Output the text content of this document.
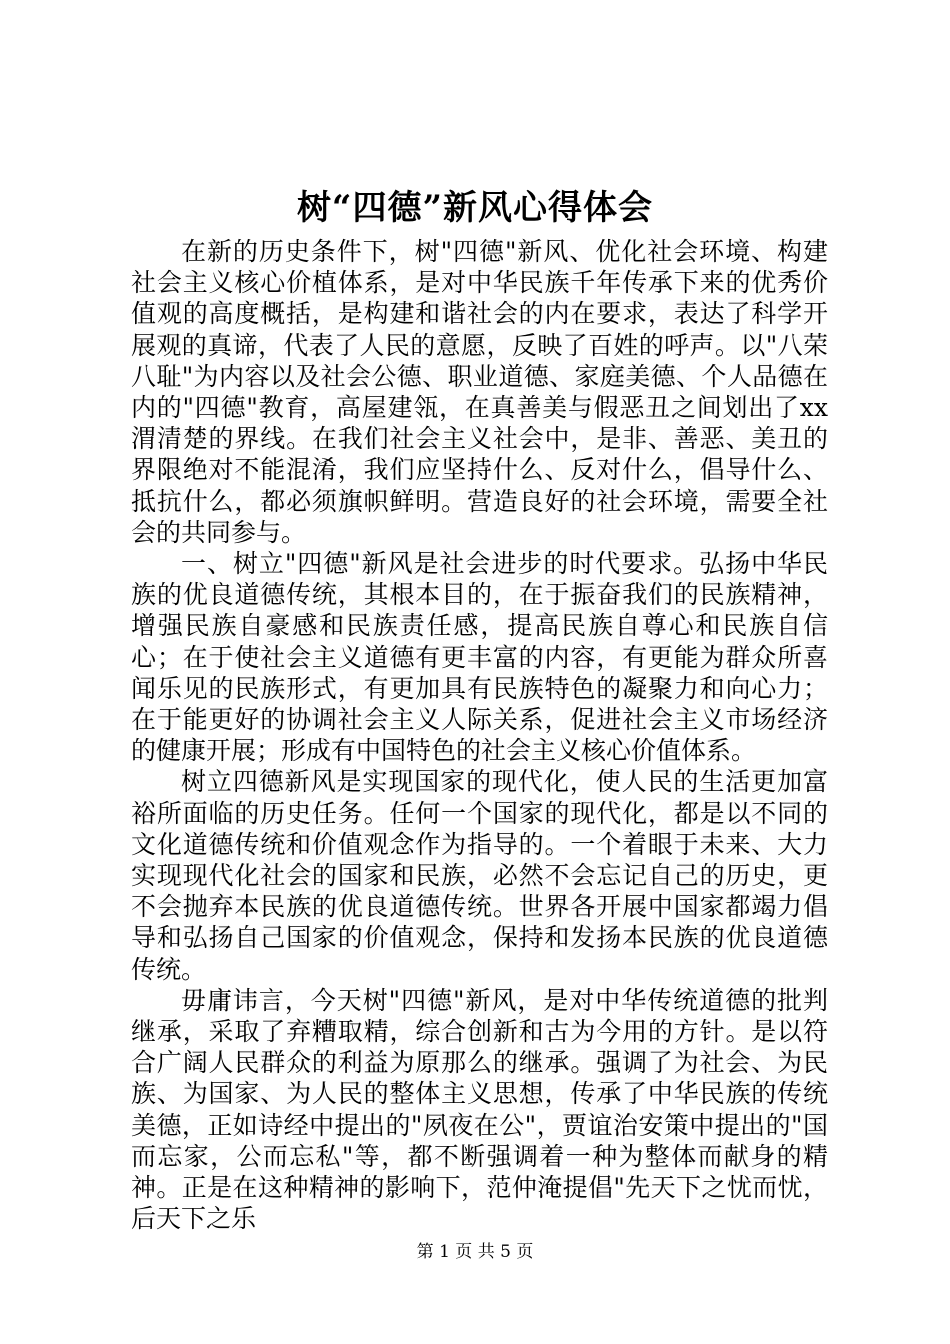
树“四德”新风心得体会

在新的历史条件下，树"四德"新风、优化社会环境、构建社会主义核心价植体系，是对中华民族千年传承下来的优秀价值观的高度概括，是构建和谐社会的内在要求，表达了科学开展观的真谛，代表了人民的意愿，反映了百姓的呼声。以"八荣八耻"为内容以及社会公德、职业道德、家庭美德、个人品德在内的"四德"教育，高屋建瓴，在真善美与假恶丑之间划出了xx渭清楚的界线。在我们社会主义社会中，是非、善恶、美丑的界限绝对不能混淆，我们应坚持什么、反对什么，倡导什么、抵抗什么，都必须旗帜鲜明。营造良好的社会环境，需要全社会的共同参与。

一、树立"四德"新风是社会进步的时代要求。弘扬中华民族的优良道德传统，其根本目的，在于振奋我们的民族精神，增强民族自豪感和民族责任感，提高民族自尊心和民族自信心；在于使社会主义道德有更丰富的内容，有更能为群众所喜闻乐见的民族形式，有更加具有民族特色的凝聚力和向心力；在于能更好的协调社会主义人际关系，促进社会主义市场经济的健康开展；形成有中国特色的社会主义核心价值体系。

树立四德新风是实现国家的现代化，使人民的生活更加富裕所面临的历史任务。任何一个国家的现代化，都是以不同的文化道德传统和价值观念作为指导的。一个着眼于未来、大力实现现代化社会的国家和民族，必然不会忘记自己的历史，更不会抛弃本民族的优良道德传统。世界各开展中国家都竭力倡导和弘扬自己国家的价值观念，保持和发扬本民族的优良道德传统。

毋庸讳言，今天树"四德"新风，是对中华传统道德的批判继承，采取了弃糟取精，综合创新和古为今用的方针。是以符合广阔人民群众的利益为原那么的继承。强调了为社会、为民族、为国家、为人民的整体主义思想，传承了中华民族的传统美德，正如诗经中提出的"夙夜在公"，贾谊治安策中提出的"国而忘家，公而忘私"等，都不断强调着一种为整体而献身的精神。正是在这种精神的影响下，范仲淹提倡"先天下之忧而忧，后天下之乐

第 1 页 共 5 页
